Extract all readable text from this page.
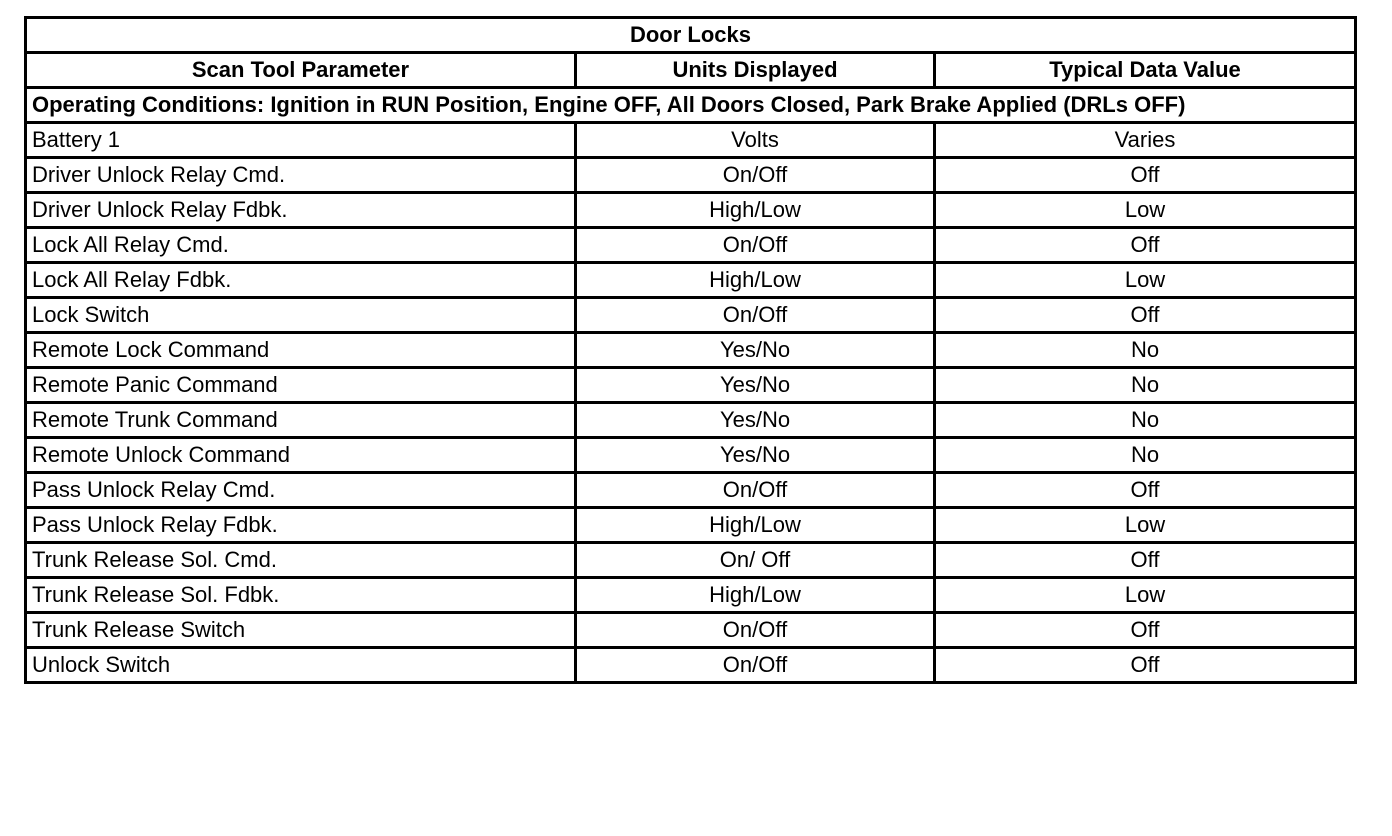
Door Locks		
Scan Tool Parameter	Units Displayed	Typical Data Value
Operating Conditions: Ignition in RUN Position, Engine OFF, All Doors Closed, Park Brake Applied (DRLs OFF)		
Battery 1	Volts	Varies
Driver Unlock Relay Cmd.	On/Off	Off
Driver Unlock Relay Fdbk.	High/Low	Low
Lock All Relay Cmd.	On/Off	Off
Lock All Relay Fdbk.	High/Low	Low
Lock Switch	On/Off	Off
Remote Lock Command	Yes/No	No
Remote Panic Command	Yes/No	No
Remote Trunk Command	Yes/No	No
Remote Unlock Command	Yes/No	No
Pass Unlock Relay Cmd.	On/Off	Off
Pass Unlock Relay Fdbk.	High/Low	Low
Trunk Release Sol. Cmd.	On/ Off	Off
Trunk Release Sol. Fdbk.	High/Low	Low
Trunk Release Switch	On/Off	Off
Unlock Switch	On/Off	Off
